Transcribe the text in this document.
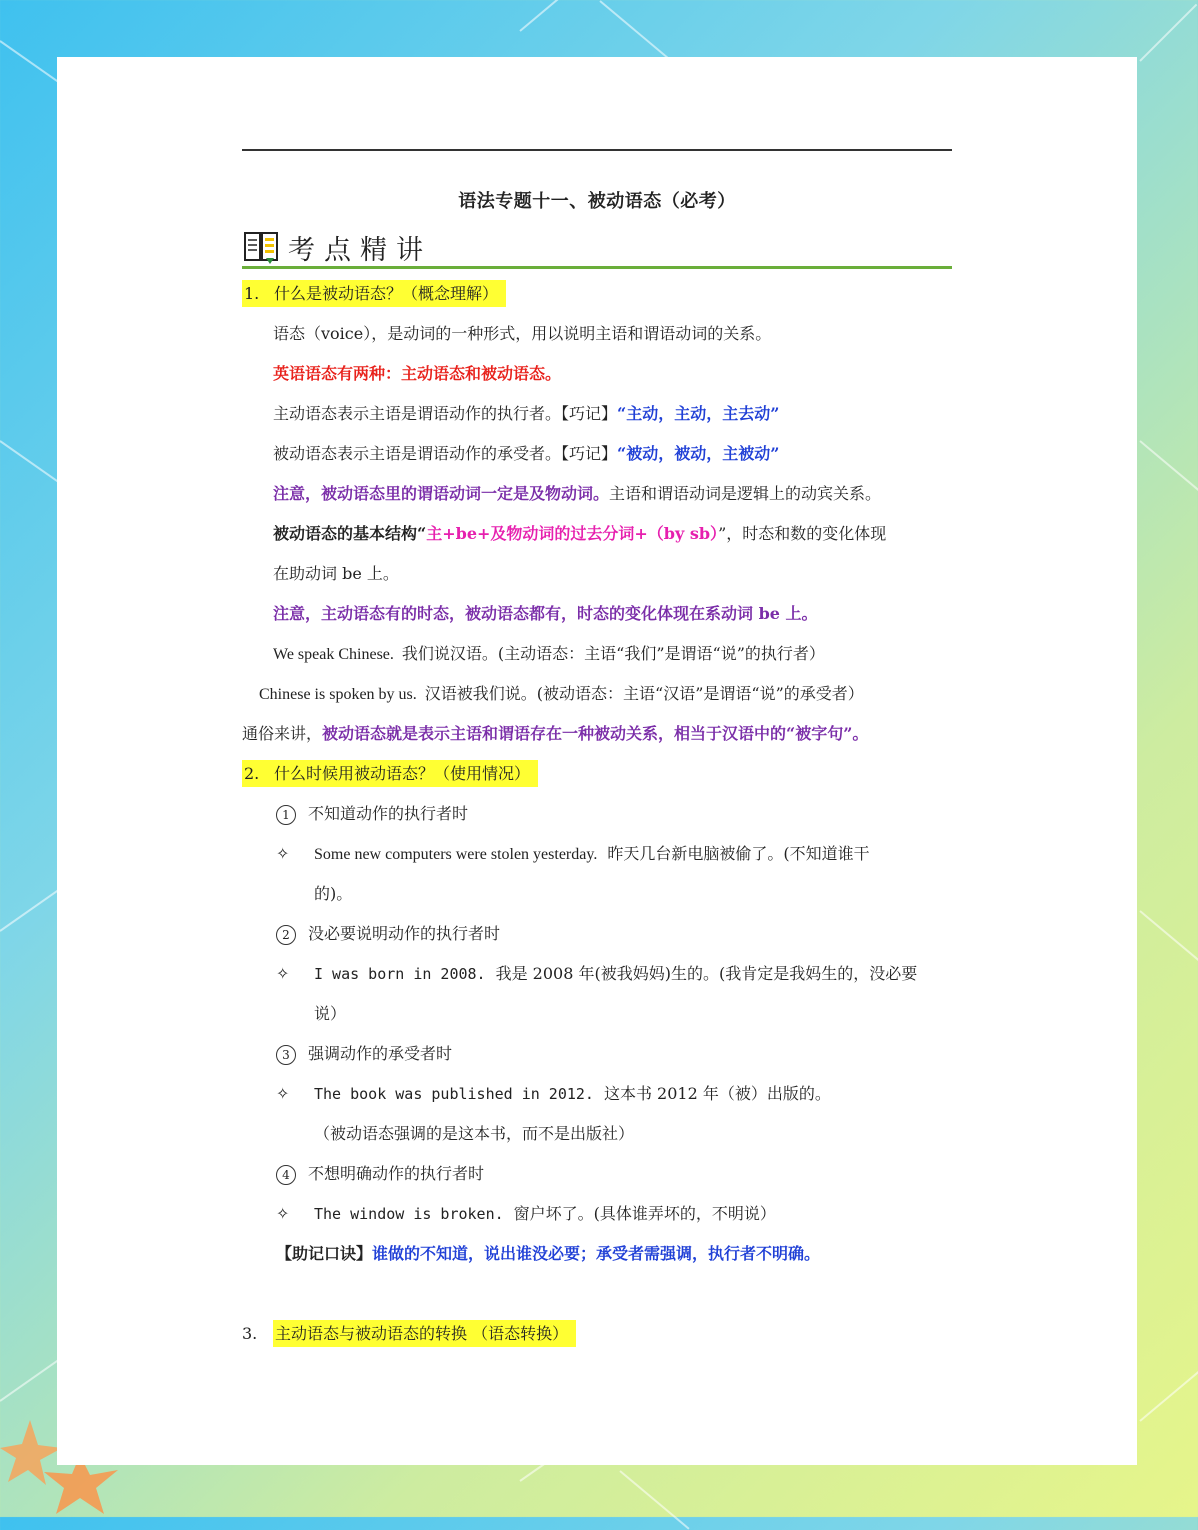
语法专题十一、被动语态（必考）
考点精讲
1. 什么是被动语态？（概念理解）
语态（voice），是动词的一种形式，用以说明主语和谓语动词的关系。
英语语态有两种：主动语态和被动语态。
主动语态表示主语是谓语动作的执行者。【巧记】“主动，主动，主去动”
被动语态表示主语是谓语动作的承受者。【巧记】“被动，被动，主被动”
注意，被动语态里的谓语动词一定是及物动词。主语和谓语动词是逻辑上的动宾关系。
被动语态的基本结构“主+be+及物动词的过去分词+（by sb）”，时态和数的变化体现
在助动词 be 上。
注意，主动语态有的时态，被动语态都有，时态的变化体现在系动词 be 上。
We speak Chinese. 我们说汉语。(主动语态：主语“我们”是谓语“说”的执行者）
Chinese is spoken by us. 汉语被我们说。(被动语态：主语“汉语”是谓语“说”的承受者）
通俗来讲，被动语态就是表示主语和谓语存在一种被动关系，相当于汉语中的“被字句”。
2. 什么时候用被动语态？（使用情况）
1 不知道动作的执行者时
✧ Some new computers were stolen yesterday. 昨天几台新电脑被偷了。(不知道谁干
的)。
2 没必要说明动作的执行者时
✧ I was born in 2008. 我是 2008 年(被我妈妈)生的。(我肯定是我妈生的，没必要
说）
3 强调动作的承受者时
✧ The book was published in 2012. 这本书 2012 年（被）出版的。
（被动语态强调的是这本书，而不是出版社）
4 不想明确动作的执行者时
✧ The window is broken. 窗户坏了。(具体谁弄坏的，不明说）
【助记口诀】谁做的不知道，说出谁没必要；承受者需强调，执行者不明确。
3. 主动语态与被动语态的转换 （语态转换）
